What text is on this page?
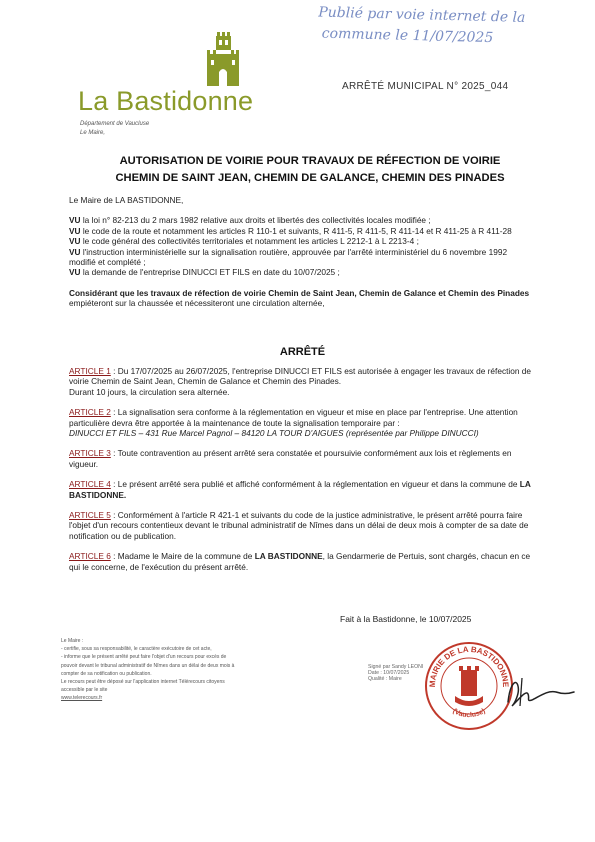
Publié par voie internet de la
commune le 11/07/2025
La Bastidonne
Département de Vaucluse
Le Maire,
ARRÊTÉ MUNICIPAL N° 2025_044
AUTORISATION DE VOIRIE POUR TRAVAUX DE RÉFECTION DE VOIRIE
CHEMIN DE SAINT JEAN, CHEMIN DE GALANCE, CHEMIN DES PINADES

Le Maire de LA BASTIDONNE,

VU la loi n° 82-213 du 2 mars 1982 relative aux droits et libertés des collectivités locales modifiée ;

VU le code de la route et notamment les articles R 110-1 et suivants, R 411-5, R 411-5, R 411-14 et R 411-25 à R 411-28

VU le code général des collectivités territoriales et notamment les articles L 2212-1 à L 2213-4 ;

VU l'instruction interministérielle sur la signalisation routière, approuvée par l'arrêté interministériel du 6 novembre 1992 modifié et complété ;

VU la demande de l'entreprise DINUCCI ET FILS en date du 10/07/2025 ;

Considérant que les travaux de réfection de voirie Chemin de Saint Jean, Chemin de Galance et Chemin des Pinades empiéteront sur la chaussée et nécessiteront une circulation alternée,

ARRÊTÉ

ARTICLE 1 : Du 17/07/2025 au 26/07/2025, l'entreprise DINUCCI ET FILS est autorisée à engager les travaux de réfection de voirie Chemin de Saint Jean, Chemin de Galance et Chemin des Pinades.

Durant 10 jours, la circulation sera alternée.

ARTICLE 2 : La signalisation sera conforme à la réglementation en vigueur et mise en place par l'entreprise. Une attention particulière devra être apportée à la maintenance de toute la signalisation temporaire par :

DINUCCI ET FILS – 431 Rue Marcel Pagnol – 84120 LA TOUR D'AIGUES (représentée par Philippe DINUCCI)

ARTICLE 3 : Toute contravention au présent arrêté sera constatée et poursuivie conformément aux lois et règlements en vigueur.

ARTICLE 4 : Le présent arrêté sera publié et affiché conformément à la réglementation en vigueur et dans la commune de LA BASTIDONNE.

ARTICLE 5 : Conformément à l'article R 421-1 et suivants du code de la justice administrative, le présent arrêté pourra faire l'objet d'un recours contentieux devant le tribunal administratif de Nîmes dans un délai de deux mois à compter de sa date de notification ou de publication.

ARTICLE 6 : Madame le Maire de la commune de LA BASTIDONNE, la Gendarmerie de Pertuis, sont chargés, chacun en ce qui le concerne, de l'exécution du présent arrêté.

Fait à la Bastidonne, le 10/07/2025
Le Maire :
- certifie, sous sa responsabilité, le caractère exécutoire de cet acte,
- informe que le présent arrêté peut faire l'objet d'un recours pour excès de pouvoir devant le tribunal administratif de Nîmes dans un délai de deux mois à compter de sa notification ou publication.
Le recours peut être déposé sur l'application internet Télérecours citoyens accessible par le site
www.telerecours.fr
Signé par Sandy LEONI
Date : 10/07/2025
Qualité : Maire
MAIRIE DE LA BASTIDONNE
(Vaucluse)
